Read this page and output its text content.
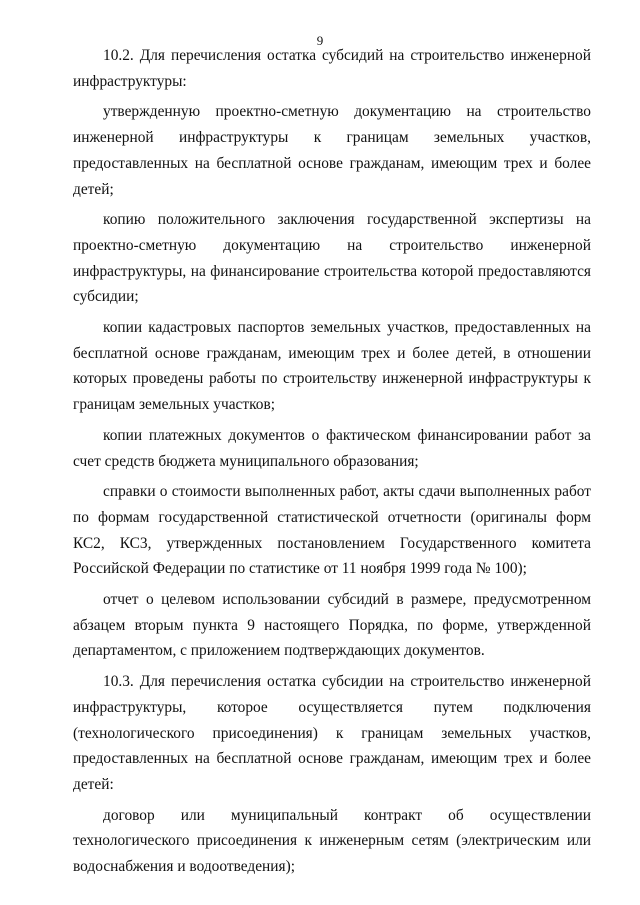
9

10.2. Для перечисления остатка субсидий на строительство инженерной инфраструктуры:

утвержденную проектно-сметную документацию на строительство инженерной инфраструктуры к границам земельных участков, предоставленных на бесплатной основе гражданам, имеющим трех и более детей;

копию положительного заключения государственной экспертизы на проектно-сметную документацию на строительство инженерной инфраструктуры, на финансирование строительства которой предоставляются субсидии;

копии кадастровых паспортов земельных участков, предоставленных на бесплатной основе гражданам, имеющим трех и более детей, в отношении которых проведены работы по строительству инженерной инфраструктуры к границам земельных участков;

копии платежных документов о фактическом финансировании работ за счет средств бюджета муниципального образования;

справки о стоимости выполненных работ, акты сдачи выполненных работ по формам государственной статистической отчетности (оригиналы форм КС2, КС3, утвержденных постановлением Государственного комитета Российской Федерации по статистике от 11 ноября 1999 года № 100);

отчет о целевом использовании субсидий в размере, предусмотренном абзацем вторым пункта 9 настоящего Порядка, по форме, утвержденной департаментом, с приложением подтверждающих документов.

10.3. Для перечисления остатка субсидии на строительство инженерной инфраструктуры, которое осуществляется путем подключения (технологического присоединения) к границам земельных участков, предоставленных на бесплатной основе гражданам, имеющим трех и более детей:

договор или муниципальный контракт об осуществлении технологического присоединения к инженерным сетям (электрическим или водоснабжения и водоотведения);
